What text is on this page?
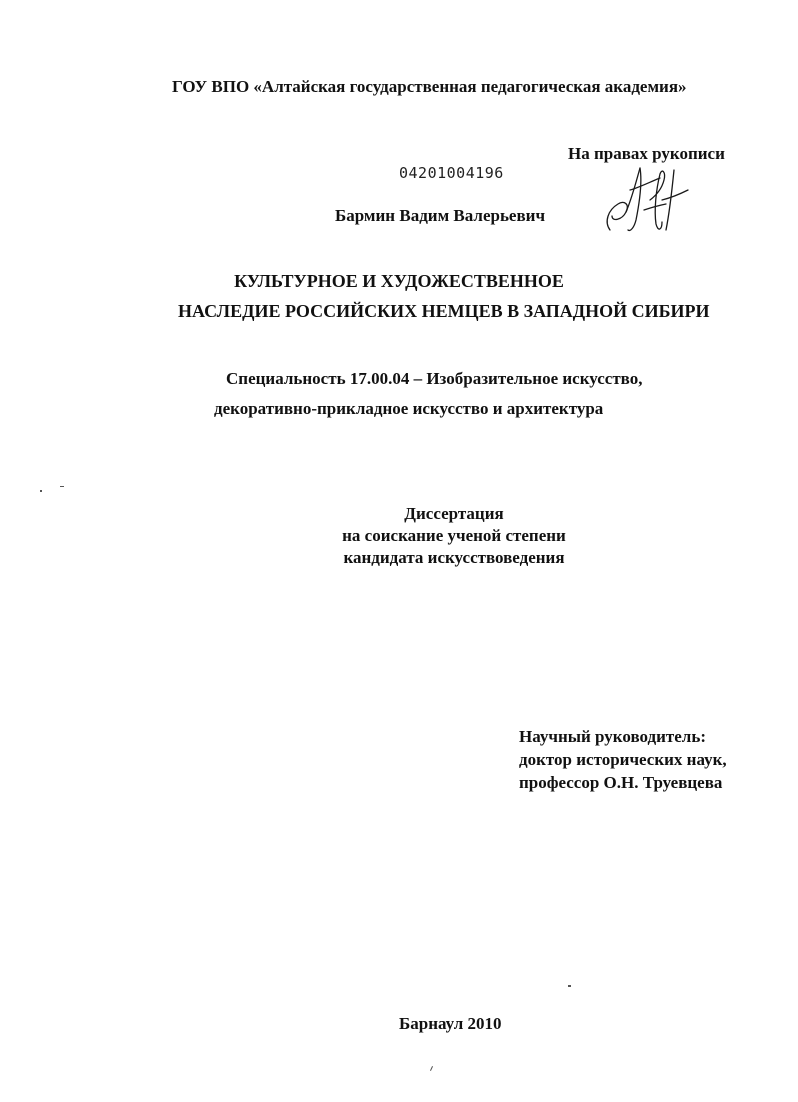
ГОУ ВПО «Алтайская государственная педагогическая академия»
На правах рукописи
04201004196
Бармин Вадим Валерьевич
КУЛЬТУРНОЕ И ХУДОЖЕСТВЕННОЕ
НАСЛЕДИЕ РОССИЙСКИХ НЕМЦЕВ В ЗАПАДНОЙ СИБИРИ
Специальность 17.00.04 – Изобразительное искусство,
декоративно-прикладное искусство и архитектура
Диссертация
на соискание ученой степени
кандидата искусствоведения
Научный руководитель:
доктор исторических наук,
профессор О.Н. Труевцева
Барнаул 2010
